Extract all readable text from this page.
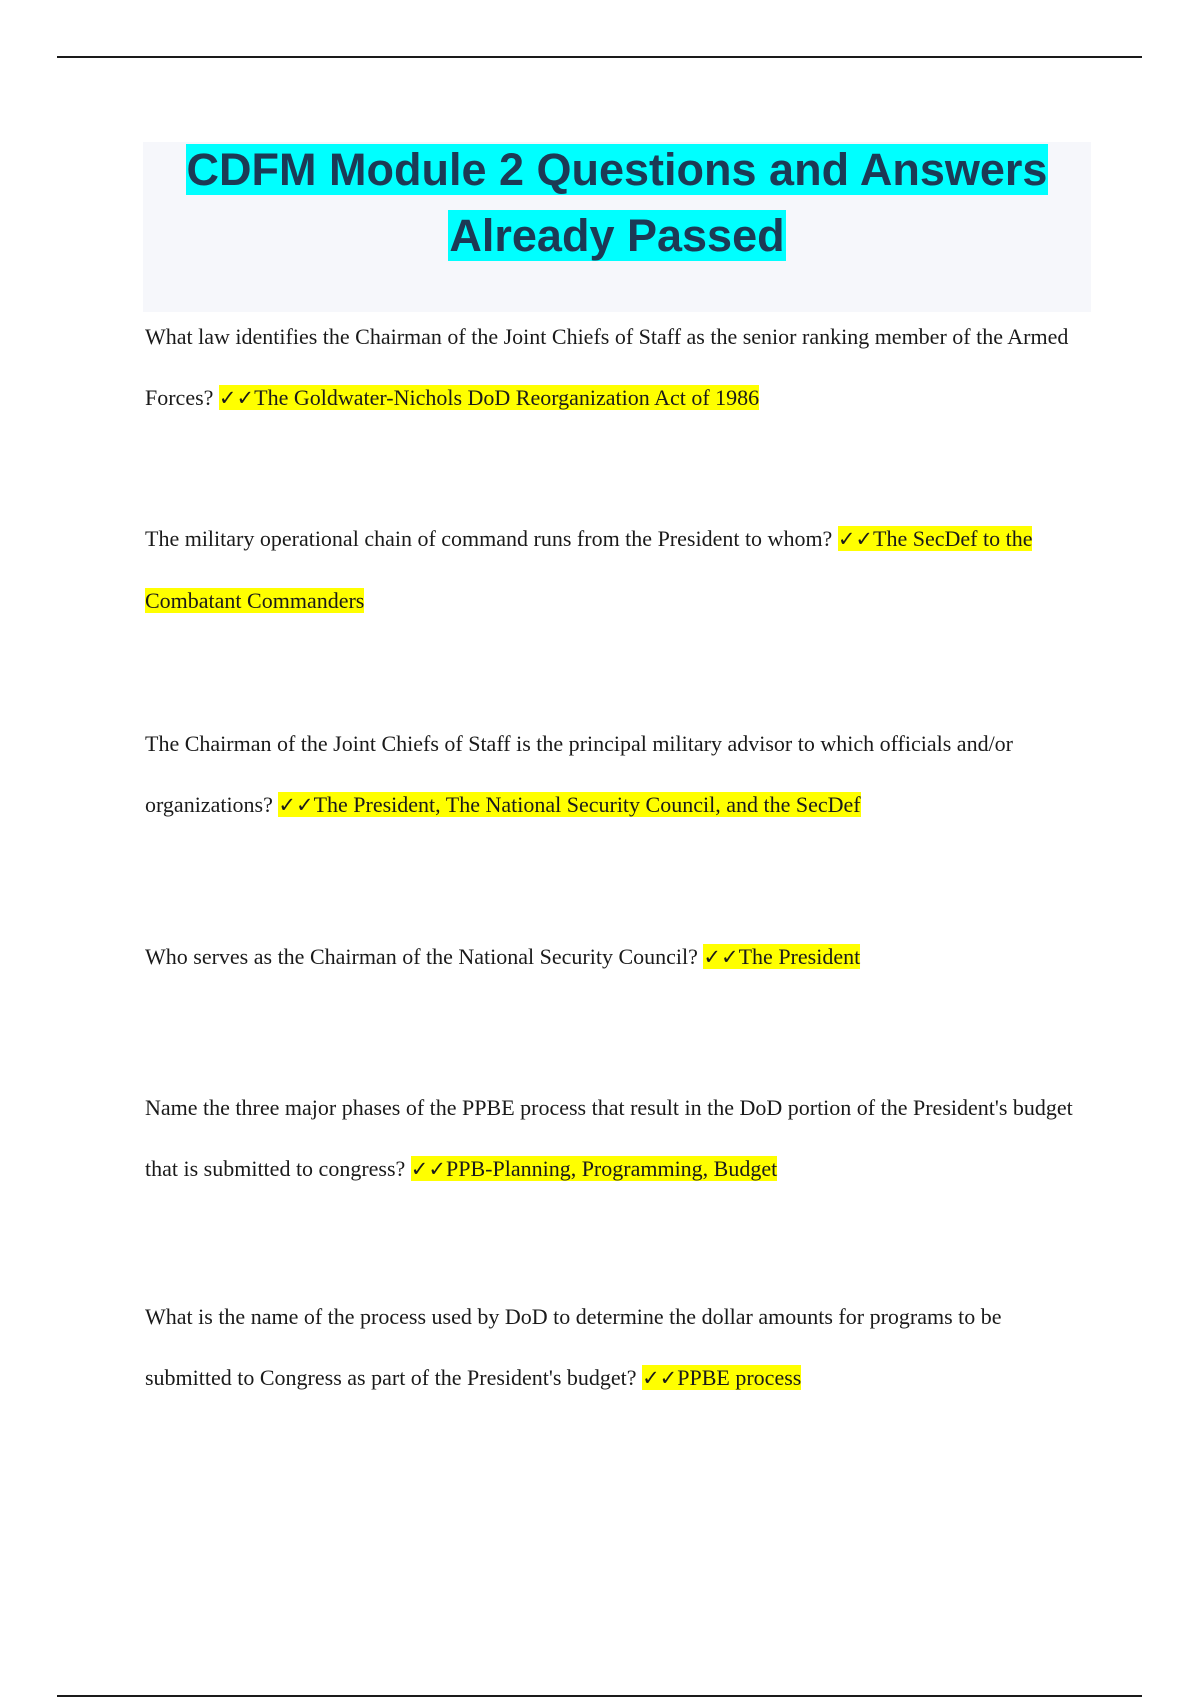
CDFM Module 2 Questions and Answers
Already Passed

What law identifies the Chairman of the Joint Chiefs of Staff as the senior ranking member of the Armed Forces? ✓✓The Goldwater-Nichols DoD Reorganization Act of 1986

The military operational chain of command runs from the President to whom? ✓✓The SecDef to the Combatant Commanders

The Chairman of the Joint Chiefs of Staff is the principal military advisor to which officials and/or organizations? ✓✓The President, The National Security Council, and the SecDef

Who serves as the Chairman of the National Security Council? ✓✓The President

Name the three major phases of the PPBE process that result in the DoD portion of the President's budget that is submitted to congress? ✓✓PPB-Planning, Programming, Budget

What is the name of the process used by DoD to determine the dollar amounts for programs to be submitted to Congress as part of the President's budget? ✓✓PPBE process
